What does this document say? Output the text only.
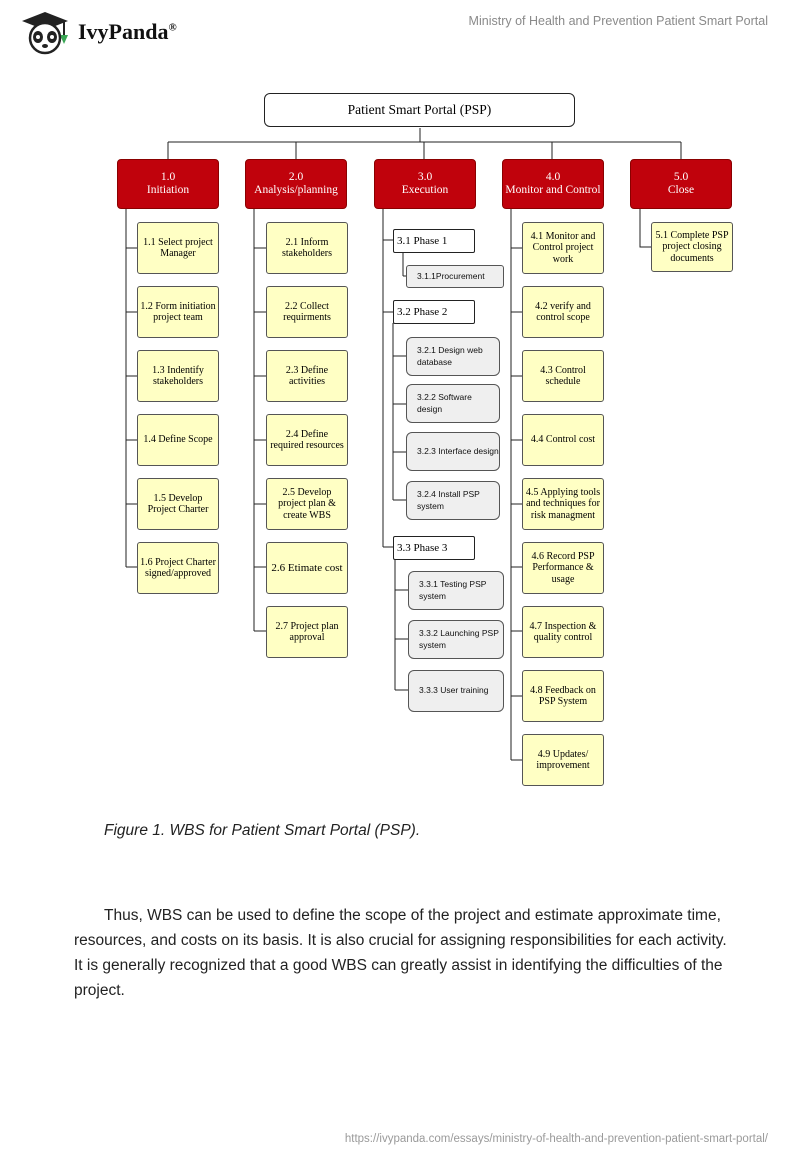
IvyPanda®	Ministry of Health and Prevention Patient Smart Portal
Patient Smart Portal (PSP)
1.0
Initiation
2.0
Analysis/planning
3.0
Execution
4.0
Monitor and Control
5.0
Close
1.1 Select project Manager
1.2 Form initiation project team
1.3 Indentify stakeholders
1.4 Define Scope
1.5 Develop Project Charter
1.6 Project Charter signed/approved
2.1 Inform stakeholders
2.2 Collect requirments
2.3 Define activities
2.4 Define required resources
2.5 Develop project plan & create WBS
2.6 Etimate cost
2.7 Project plan approval
3.1 Phase 1
3.1.1Procurement
3.2 Phase 2
3.2.1 Design web database
3.2.2 Software design
3.2.3 Interface design
3.2.4 Install PSP system
3.3 Phase 3
3.3.1 Testing PSP system
3.3.2 Launching PSP system
3.3.3 User training
4.1 Monitor and Control project work
4.2 verify and control scope
4.3 Control schedule
4.4 Control cost
4.5 Applying tools and techniques for risk managment
4.6 Record PSP Performance & usage
4.7 Inspection & quality control
4.8 Feedback on PSP System
4.9 Updates/ improvement
5.1 Complete PSP project closing documents
Figure 1. WBS for Patient Smart Portal (PSP).

Thus, WBS can be used to define the scope of the project and estimate approximate time, resources, and costs on its basis. It is also crucial for assigning responsibilities for each activity. It is generally recognized that a good WBS can greatly assist in identifying the difficulties of the project.

https://ivypanda.com/essays/ministry-of-health-and-prevention-patient-smart-portal/
